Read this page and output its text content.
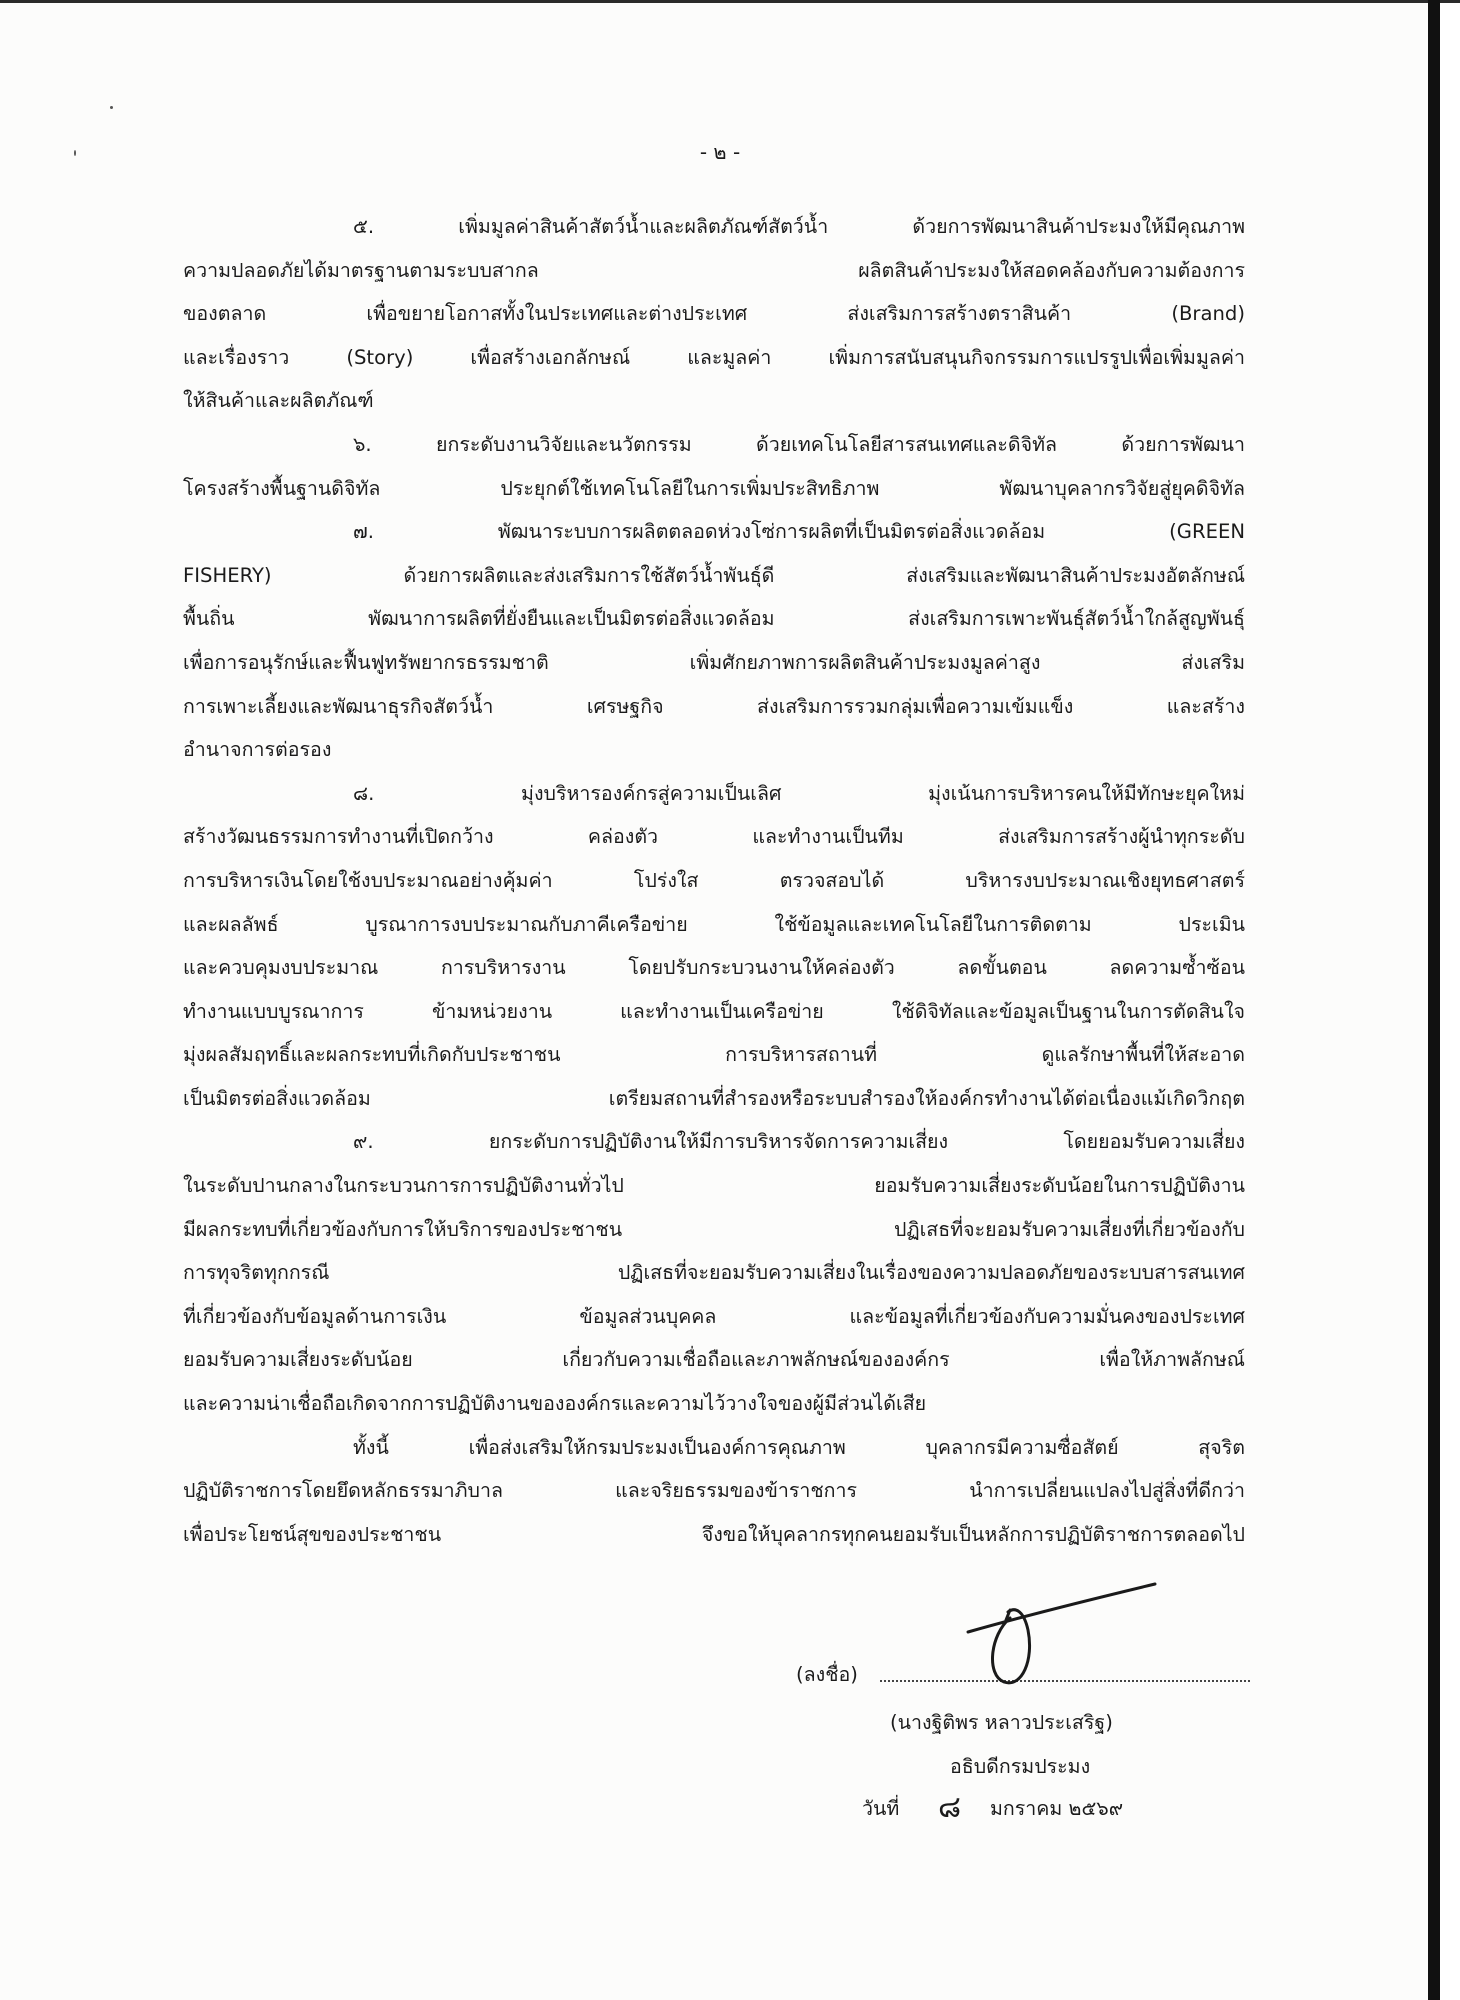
- ๒ -
๕. เพิ่มมูลค่าสินค้าสัตว์น้ำและผลิตภัณฑ์สัตว์น้ำ ด้วยการพัฒนาสินค้าประมงให้มีคุณภาพ
ความปลอดภัยได้มาตรฐานตามระบบสากล ผลิตสินค้าประมงให้สอดคล้องกับความต้องการ
ของตลาด เพื่อขยายโอกาสทั้งในประเทศและต่างประเทศ ส่งเสริมการสร้างตราสินค้า (Brand)
และเรื่องราว (Story) เพื่อสร้างเอกลักษณ์ และมูลค่า เพิ่มการสนับสนุนกิจกรรมการแปรรูปเพื่อเพิ่มมูลค่า
ให้สินค้าและผลิตภัณฑ์
๖. ยกระดับงานวิจัยและนวัตกรรม ด้วยเทคโนโลยีสารสนเทศและดิจิทัล ด้วยการพัฒนา
โครงสร้างพื้นฐานดิจิทัล ประยุกต์ใช้เทคโนโลยีในการเพิ่มประสิทธิภาพ พัฒนาบุคลากรวิจัยสู่ยุคดิจิทัล
๗. พัฒนาระบบการผลิตตลอดห่วงโซ่การผลิตที่เป็นมิตรต่อสิ่งแวดล้อม (GREEN
FISHERY) ด้วยการผลิตและส่งเสริมการใช้สัตว์น้ำพันธุ์ดี ส่งเสริมและพัฒนาสินค้าประมงอัตลักษณ์
พื้นถิ่น พัฒนาการผลิตที่ยั่งยืนและเป็นมิตรต่อสิ่งแวดล้อม ส่งเสริมการเพาะพันธุ์สัตว์น้ำใกล้สูญพันธุ์
เพื่อการอนุรักษ์และฟื้นฟูทรัพยากรธรรมชาติ เพิ่มศักยภาพการผลิตสินค้าประมงมูลค่าสูง ส่งเสริม
การเพาะเลี้ยงและพัฒนาธุรกิจสัตว์น้ำ เศรษฐกิจ ส่งเสริมการรวมกลุ่มเพื่อความเข้มแข็ง และสร้าง
อำนาจการต่อรอง
๘. มุ่งบริหารองค์กรสู่ความเป็นเลิศ มุ่งเน้นการบริหารคนให้มีทักษะยุคใหม่
สร้างวัฒนธรรมการทำงานที่เปิดกว้าง คล่องตัว และทำงานเป็นทีม ส่งเสริมการสร้างผู้นำทุกระดับ
การบริหารเงินโดยใช้งบประมาณอย่างคุ้มค่า โปร่งใส ตรวจสอบได้ บริหารงบประมาณเชิงยุทธศาสตร์
และผลลัพธ์ บูรณาการงบประมาณกับภาคีเครือข่าย ใช้ข้อมูลและเทคโนโลยีในการติดตาม ประเมิน
และควบคุมงบประมาณ การบริหารงาน โดยปรับกระบวนงานให้คล่องตัว ลดขั้นตอน ลดความซ้ำซ้อน
ทำงานแบบบูรณาการ ข้ามหน่วยงาน และทำงานเป็นเครือข่าย ใช้ดิจิทัลและข้อมูลเป็นฐานในการตัดสินใจ
มุ่งผลสัมฤทธิ์และผลกระทบที่เกิดกับประชาชน การบริหารสถานที่ ดูแลรักษาพื้นที่ให้สะอาด
เป็นมิตรต่อสิ่งแวดล้อม เตรียมสถานที่สำรองหรือระบบสำรองให้องค์กรทำงานได้ต่อเนื่องแม้เกิดวิกฤต
๙. ยกระดับการปฏิบัติงานให้มีการบริหารจัดการความเสี่ยง โดยยอมรับความเสี่ยง
ในระดับปานกลางในกระบวนการการปฏิบัติงานทั่วไป ยอมรับความเสี่ยงระดับน้อยในการปฏิบัติงาน
มีผลกระทบที่เกี่ยวข้องกับการให้บริการของประชาชน ปฏิเสธที่จะยอมรับความเสี่ยงที่เกี่ยวข้องกับ
การทุจริตทุกกรณี ปฏิเสธที่จะยอมรับความเสี่ยงในเรื่องของความปลอดภัยของระบบสารสนเทศ
ที่เกี่ยวข้องกับข้อมูลด้านการเงิน ข้อมูลส่วนบุคคล และข้อมูลที่เกี่ยวข้องกับความมั่นคงของประเทศ
ยอมรับความเสี่ยงระดับน้อย เกี่ยวกับความเชื่อถือและภาพลักษณ์ขององค์กร เพื่อให้ภาพลักษณ์
และความน่าเชื่อถือเกิดจากการปฏิบัติงานขององค์กรและความไว้วางใจของผู้มีส่วนได้เสีย
ทั้งนี้ เพื่อส่งเสริมให้กรมประมงเป็นองค์การคุณภาพ บุคลากรมีความซื่อสัตย์ สุจริต
ปฏิบัติราชการโดยยึดหลักธรรมาภิบาล และจริยธรรมของข้าราชการ นำการเปลี่ยนแปลงไปสู่สิ่งที่ดีกว่า
เพื่อประโยชน์สุขของประชาชน จึงขอให้บุคลากรทุกคนยอมรับเป็นหลักการปฏิบัติราชการตลอดไป
(ลงชื่อ)
(นางฐิติพร หลาวประเสริฐ)
อธิบดีกรมประมง
วันที่ ๘ มกราคม ๒๕๖๙
